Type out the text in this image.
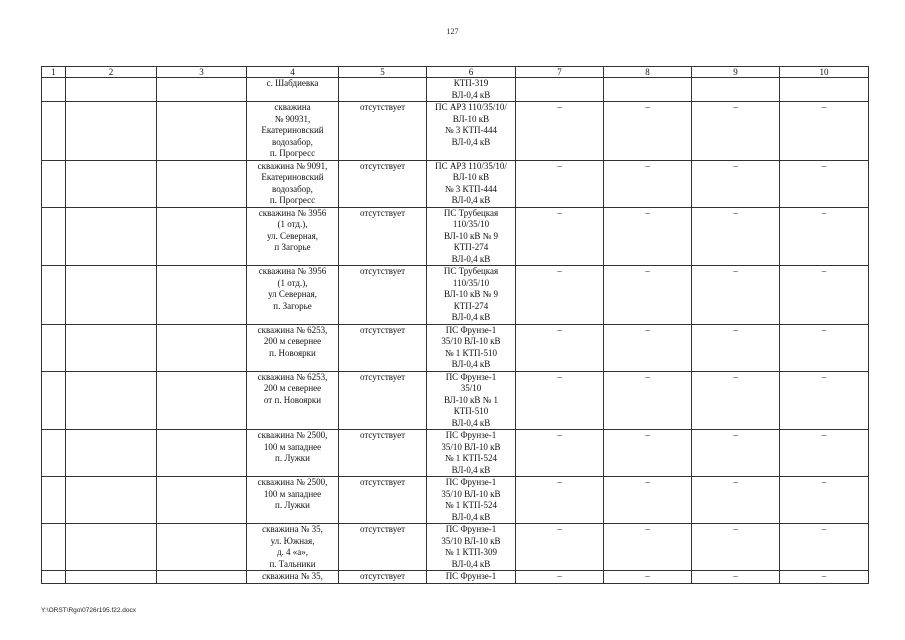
127
1	2	3	4	5	6	7	8	9	10

			с. Шабдиевка		КТП-319
ВЛ-0,4 кВ				

			скважина
№ 90931,
Екатериновский
водозабор,
п. Прогресс	отсутствует	ПС АРЗ 110/35/10/
ВЛ-10 кВ
№ 3 КТП-444
ВЛ-0,4 кВ	–	–	–	–

			скважина № 9091,
Екатериновский
водозабор,
п. Прогресс	отсутствует	ПС АРЗ 110/35/10/
ВЛ-10 кВ
№ 3 КТП-444
ВЛ-0,4 кВ	–	–	–	–

			скважина № 3956
(1 отд.),
ул. Северная,
п Загорье	отсутствует	ПС Трубецкая
110/35/10
ВЛ-10 кВ № 9
КТП-274
ВЛ-0,4 кВ	–	–	–	–

			скважина № 3956
(1 отд.),
ул Северная,
п. Загорье	отсутствует	ПС Трубецкая
110/35/10
ВЛ-10 кВ № 9
КТП-274
ВЛ-0,4 кВ	–	–	–	–

			скважина № 6253,
200 м севернее
п. Новоярки	отсутствует	ПС Фрунзе-1
35/10 ВЛ-10 кВ
№ 1 КТП-510
ВЛ-0,4 кВ	–	–	–	–

			скважина № 6253,
200 м севернее
от п. Новоярки	отсутствует	ПС Фрунзе-1
35/10
ВЛ-10 кВ № 1
КТП-510
ВЛ-0,4 кВ	–	–	–	–

			скважина № 2500,
100 м западнее
п. Лужки	отсутствует	ПС Фрунзе-1
35/10 ВЛ-10 кВ
№ 1 КТП-524
ВЛ-0,4 кВ	–	–	–	–

			скважина № 2500,
100 м западнее
п. Лужки	отсутствует	ПС Фрунзе-1
35/10 ВЛ-10 кВ
№ 1 КТП-524
ВЛ-0,4 кВ	–	–	–	–

			скважина № 35,
ул. Южная,
д. 4 «а»,
п. Тальники	отсутствует	ПС Фрунзе-1
35/10 ВЛ-10 кВ
№ 1 КТП-309
ВЛ-0,4 кВ	–	–	–	–

			скважина № 35,	отсутствует	ПС Фрунзе-1	–	–	–	–
Y:\ORST\Rgo\0726r195.f22.docx
